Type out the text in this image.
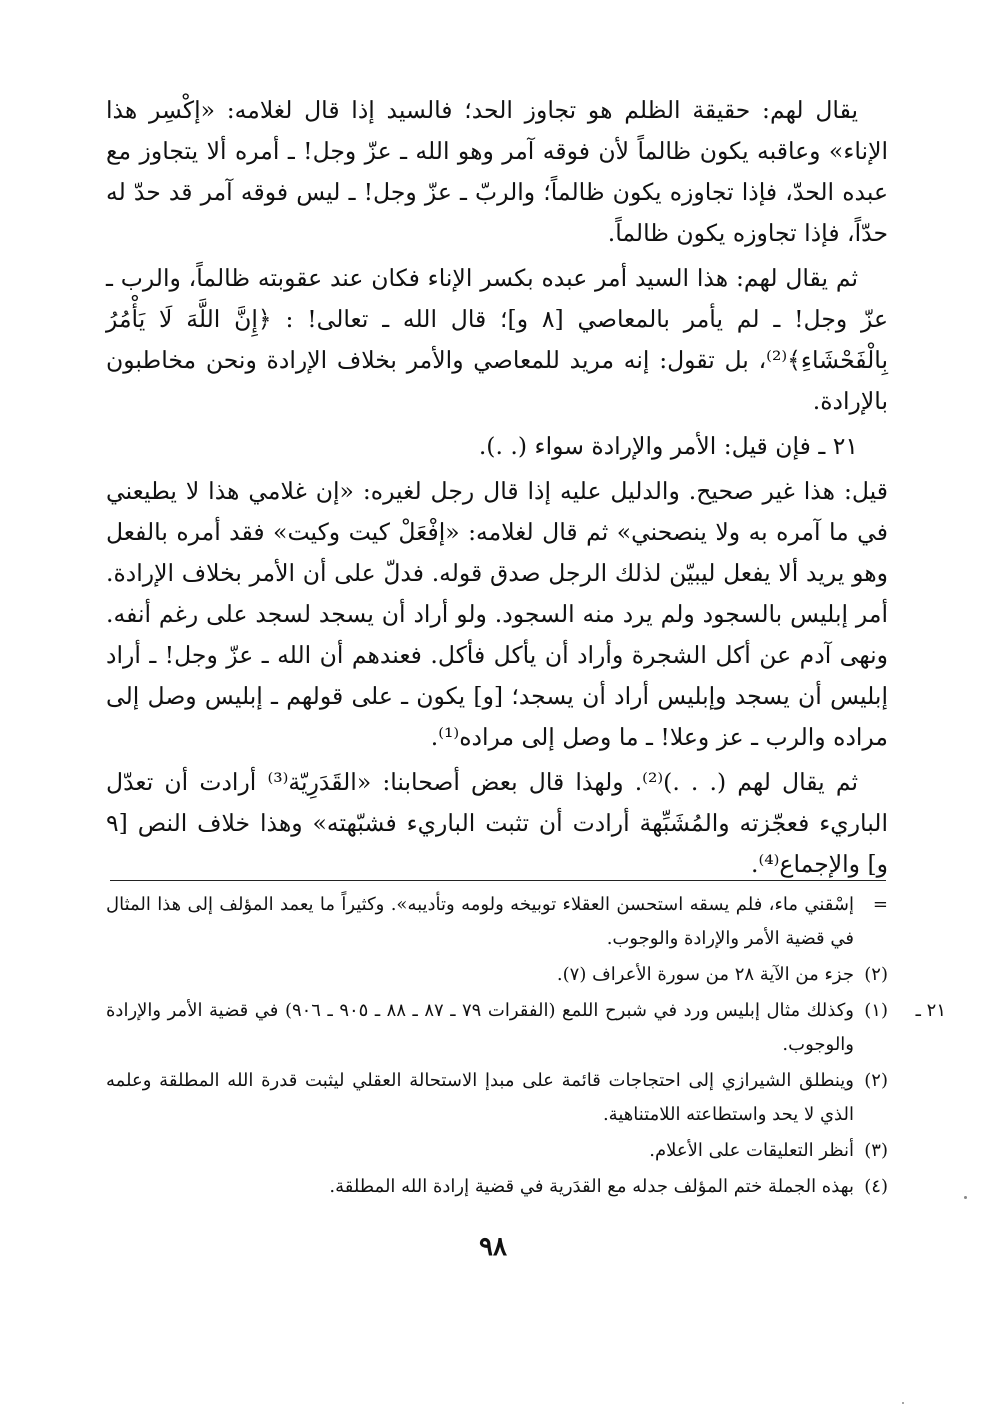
يقال لهم: حقيقة الظلم هو تجاوز الحد؛ فالسيد إذا قال لغلامه: «إكْسِر هذا الإناء» وعاقبه يكون ظالماً لأن فوقه آمر وهو الله ـ عزّ وجل! ـ أمره ألا يتجاوز مع عبده الحدّ، فإذا تجاوزه يكون ظالماً؛ والربّ ـ عزّ وجل! ـ ليس فوقه آمر قد حدّ له حدّاً، فإذا تجاوزه يكون ظالماً.

ثم يقال لهم: هذا السيد أمر عبده بكسر الإناء فكان عند عقوبته ظالماً، والرب ـ عزّ وجل! ـ لم يأمر بالمعاصي [٨ و]؛ قال الله ـ تعالى! : ﴿إِنَّ اللَّهَ لَا يَأْمُرُ بِالْفَحْشَاءِ﴾⁽²⁾، بل تقول: إنه مريد للمعاصي والأمر بخلاف الإرادة ونحن مخاطبون بالإرادة.

٢١ ـ فإن قيل: الأمر والإرادة سواء (. .).

قيل: هذا غير صحيح. والدليل عليه إذا قال رجل لغيره: «إن غلامي هذا لا يطيعني في ما آمره به ولا ينصحني» ثم قال لغلامه: «إفْعَلْ كيت وكيت» فقد أمره بالفعل وهو يريد ألا يفعل ليبيّن لذلك الرجل صدق قوله. فدلّ على أن الأمر بخلاف الإرادة. أمر إبليس بالسجود ولم يرد منه السجود. ولو أراد أن يسجد لسجد على رغم أنفه. ونهى آدم عن أكل الشجرة وأراد أن يأكل فأكل. فعندهم أن الله ـ عزّ وجل! ـ أراد إبليس أن يسجد وإبليس أراد أن يسجد؛ [و] يكون ـ على قولهم ـ إبليس وصل إلى مراده والرب ـ عز وعلا! ـ ما وصل إلى مراده⁽¹⁾.

ثم يقال لهم (. . .)⁽²⁾. ولهذا قال بعض أصحابنا: «القَدَرِيّة⁽³⁾ أرادت أن تعدّل الباريء فعجّزته والمُشَبِّهة أرادت أن تثبت الباريء فشبّهته» وهذا خلاف النص [٩ و] والإجماع⁽⁴⁾.

=
إسْقني ماء، فلم يسقه استحسن العقلاء توبيخه ولومه وتأديبه». وكثيراً ما يعمد المؤلف إلى هذا المثال في قضية الأمر والإرادة والوجوب.

(٢)
جزء من الآية ٢٨ من سورة الأعراف (٧).

٢١ ـ
(١)
وكذلك مثال إبليس ورد في شبرح اللمع (الفقرات ٧٩ ـ ٨٧ ـ ٨٨ ـ ٩٠٥ ـ ٩٠٦) في قضية الأمر والإرادة والوجوب.

(٢)
وينطلق الشيرازي إلى احتجاجات قائمة على مبدإ الاستحالة العقلي ليثبت قدرة الله المطلقة وعلمه الذي لا يحد واستطاعته اللامتناهية.

(٣)
أنظر التعليقات على الأعلام.

(٤)
بهذه الجملة ختم المؤلف جدله مع القدَرية في قضية إرادة الله المطلقة.

٩٨
